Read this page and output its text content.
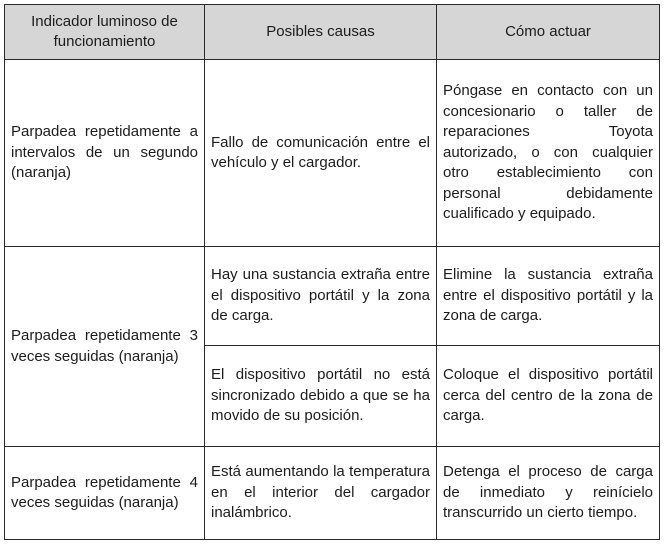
Indicador luminoso de funcionamiento	Posibles causas	Cómo actuar
Parpadea repetidamente a intervalos de un segundo (naranja)	Fallo de comunicación entre el vehículo y el cargador.	Póngase en contacto con un concesionario o taller de reparaciones Toyota autorizado, o con cualquier otro establecimiento con personal debidamente cualificado y equipado.
Parpadea repetidamente 3 veces seguidas (naranja)	Hay una sustancia extraña entre el dispositivo portátil y la zona de carga.	Elimine la sustancia extraña entre el dispositivo portátil y la zona de carga.
	El dispositivo portátil no está sincronizado debido a que se ha movido de su posición.	Coloque el dispositivo portátil cerca del centro de la zona de carga.
Parpadea repetidamente 4 veces seguidas (naranja)	Está aumentando la temperatura en el interior del cargador inalámbrico.	Detenga el proceso de carga de inmediato y reinícielo transcurrido un cierto tiempo.
